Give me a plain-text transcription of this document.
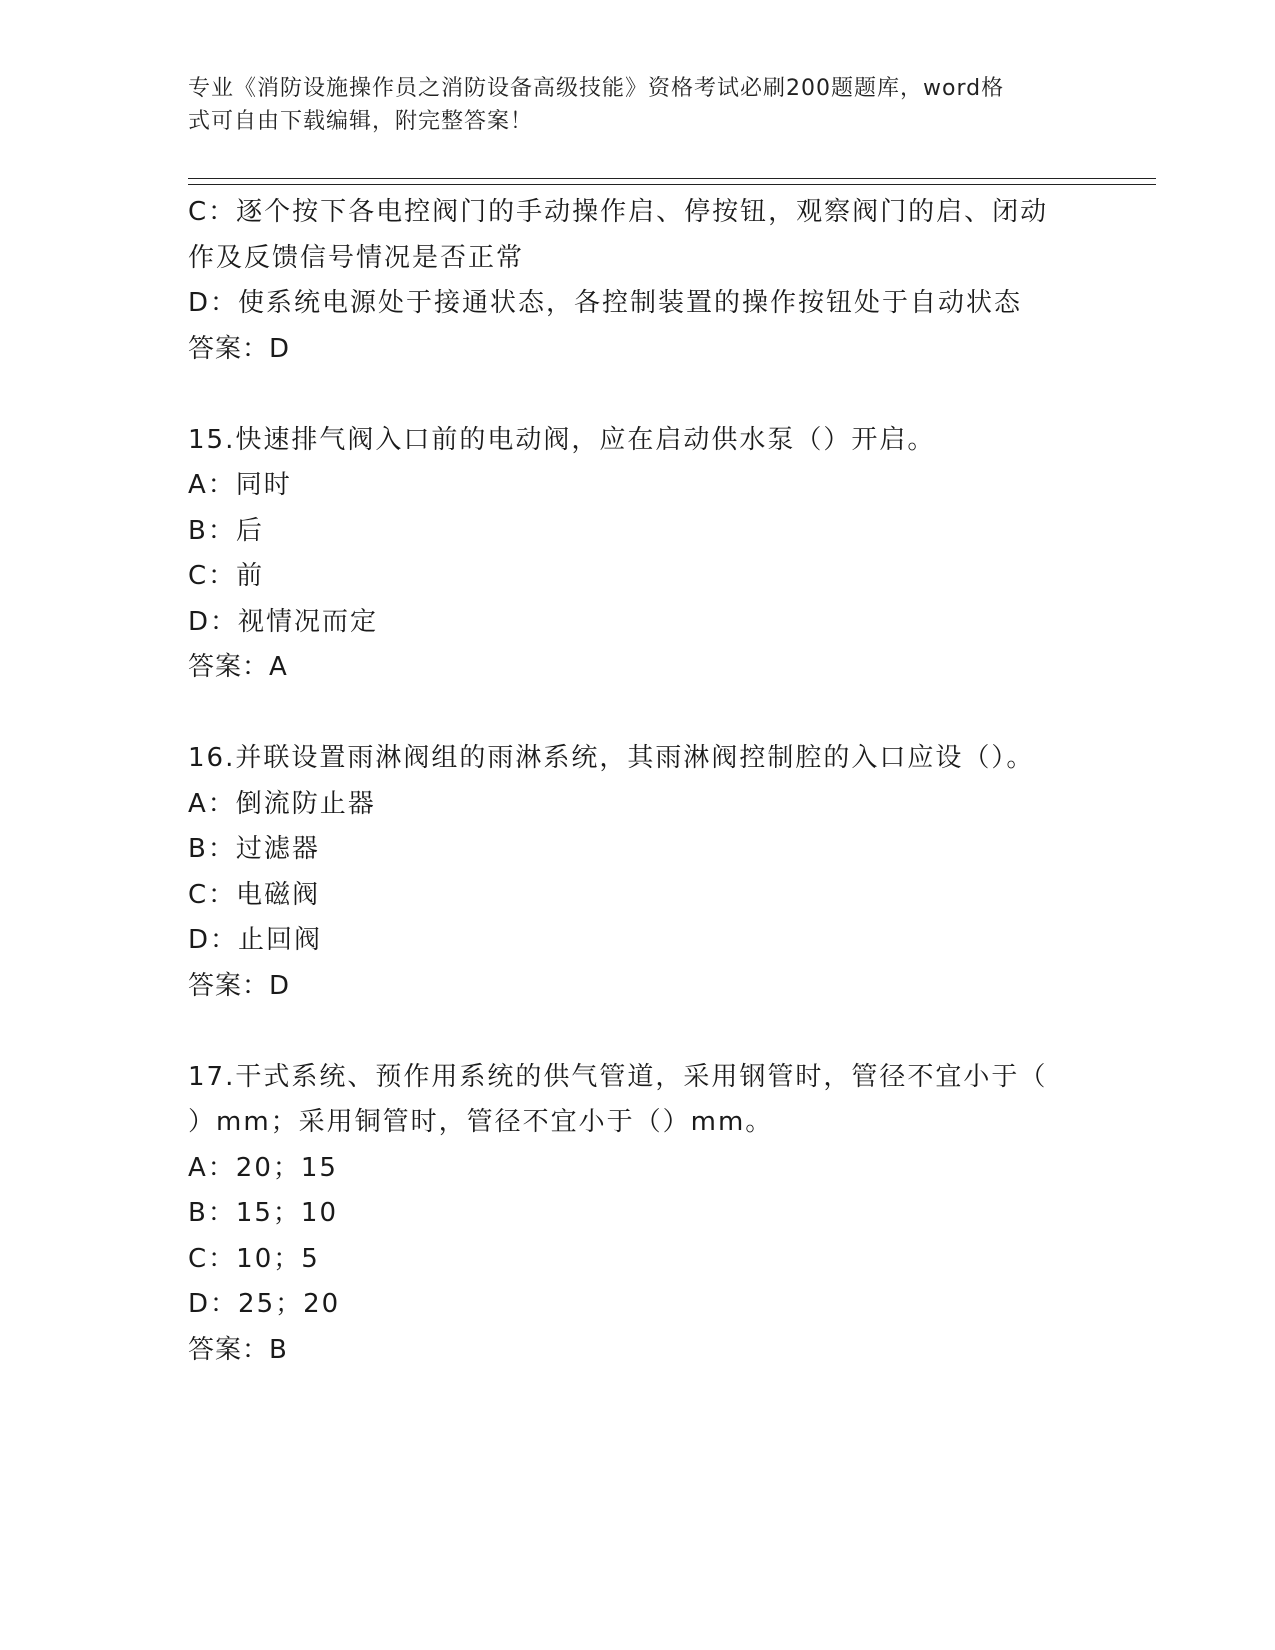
专业《消防设施操作员之消防设备高级技能》资格考试必刷200题题库，word格
式可自由下载编辑，附完整答案！
C：逐个按下各电控阀门的手动操作启、停按钮，观察阀门的启、闭动
作及反馈信号情况是否正常
D：使系统电源处于接通状态，各控制装置的操作按钮处于自动状态
答案：D
15.快速排气阀入口前的电动阀，应在启动供水泵（）开启。
A：同时
B：后
C：前
D：视情况而定
答案：A
16.并联设置雨淋阀组的雨淋系统，其雨淋阀控制腔的入口应设（）。
A：倒流防止器
B：过滤器
C：电磁阀
D：止回阀
答案：D
17.干式系统、预作用系统的供气管道，采用钢管时，管径不宜小于（
）mm；采用铜管时，管径不宜小于（）mm。
A：20；15
B：15；10
C：10；5
D：25；20
答案：B
